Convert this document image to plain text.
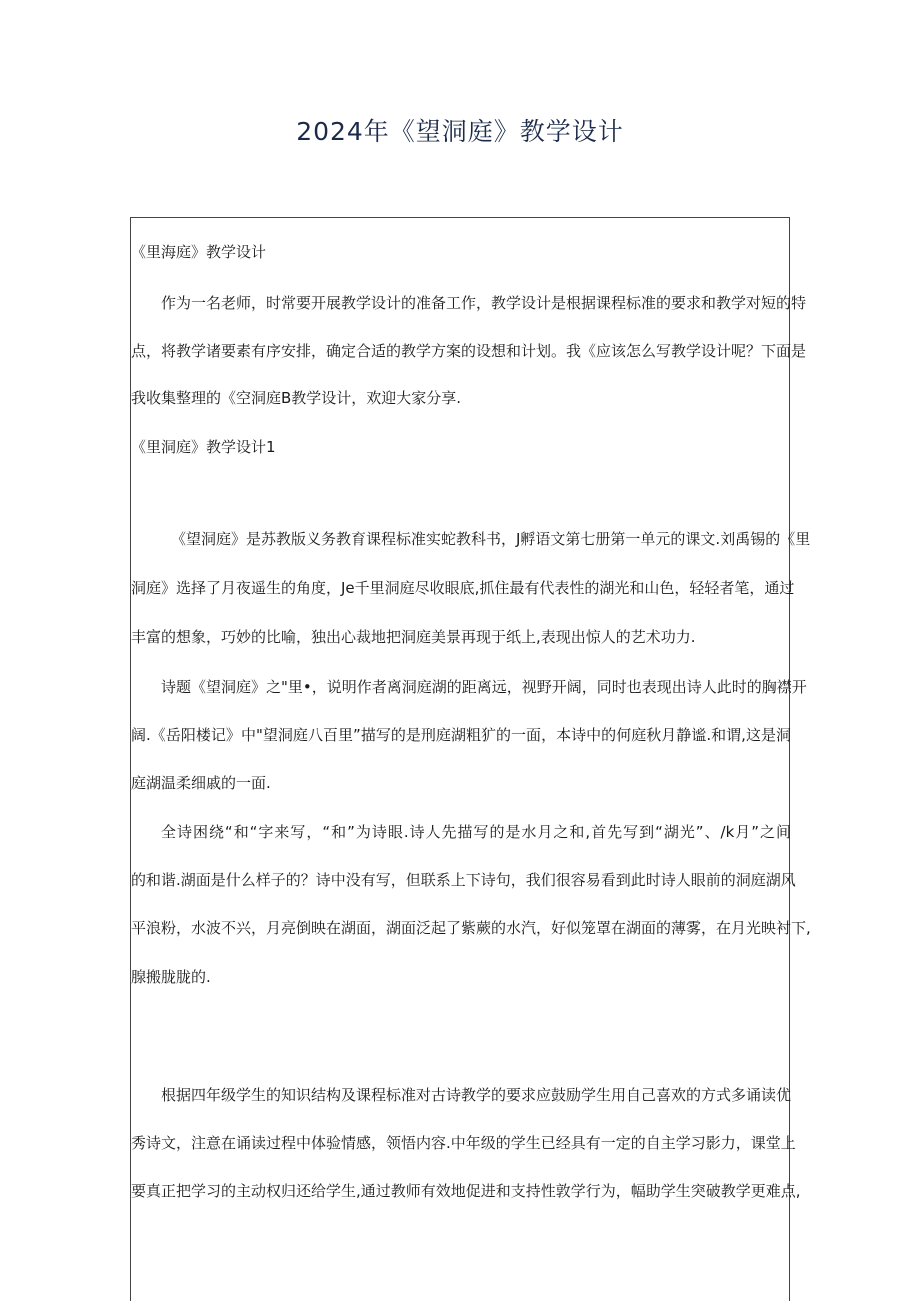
2024年《望洞庭》教学设计
《里海庭》教学设计
作为一名老师，时常要开展教学设计的准备工作，教学设计是根据课程标准的要求和教学对短的特
点，将教学诸要素有序安排，确定合适的教学方案的设想和计划。我《应该怎么写教学设计呢？下面是
我收集整理的《空洞庭B教学设计，欢迎大家分享.
《里洞庭》教学设计1
《望洞庭》是苏教版义务教育课程标准实蛇教科书，J孵语文第七册第一单元的课文.刘禹锡的《里
洞庭》选择了月夜遥生的角度，Je千里洞庭尽收眼底,抓住最有代表性的湖光和山色，轻轻者笔，通过
丰富的想象，巧妙的比喻，独出心裁地把洞庭美景再现于纸上,表现出惊人的艺术功力.
诗题《望洞庭》之"里•，说明作者离洞庭湖的距离远，视野开阔，同时也表现出诗人此时的胸襟开
阔.《岳阳楼记》中"望洞庭八百里”描写的是刑庭湖粗犷的一面，本诗中的何庭秋月静谧.和谓,这是洞
庭湖温柔细戚的一面.
全诗困绕“和“字来写，“和”为诗眼.诗人先描写的是水月之和,首先写到“湖光”、/k月”之间
的和谐.湖面是什么样子的？诗中没有写，但联系上下诗句，我们很容易看到此时诗人眼前的洞庭湖风
平浪粉，水波不兴，月亮倒映在湖面，湖面泛起了紫蕨的水汽，好似笼罩在湖面的薄雾，在月光映衬下,
腺搬胧胧的.
根据四年级学生的知识结构及课程标准对古诗教学的要求应鼓励学生用自己喜欢的方式多诵读优
秀诗文，注意在诵读过程中体验情感，领悟内容.中年级的学生已经具有一定的自主学习影力，课堂上
要真正把学习的主动权归还给学生,通过教师有效地促进和支持性敦学行为，幅助学生突破教学更难点,
